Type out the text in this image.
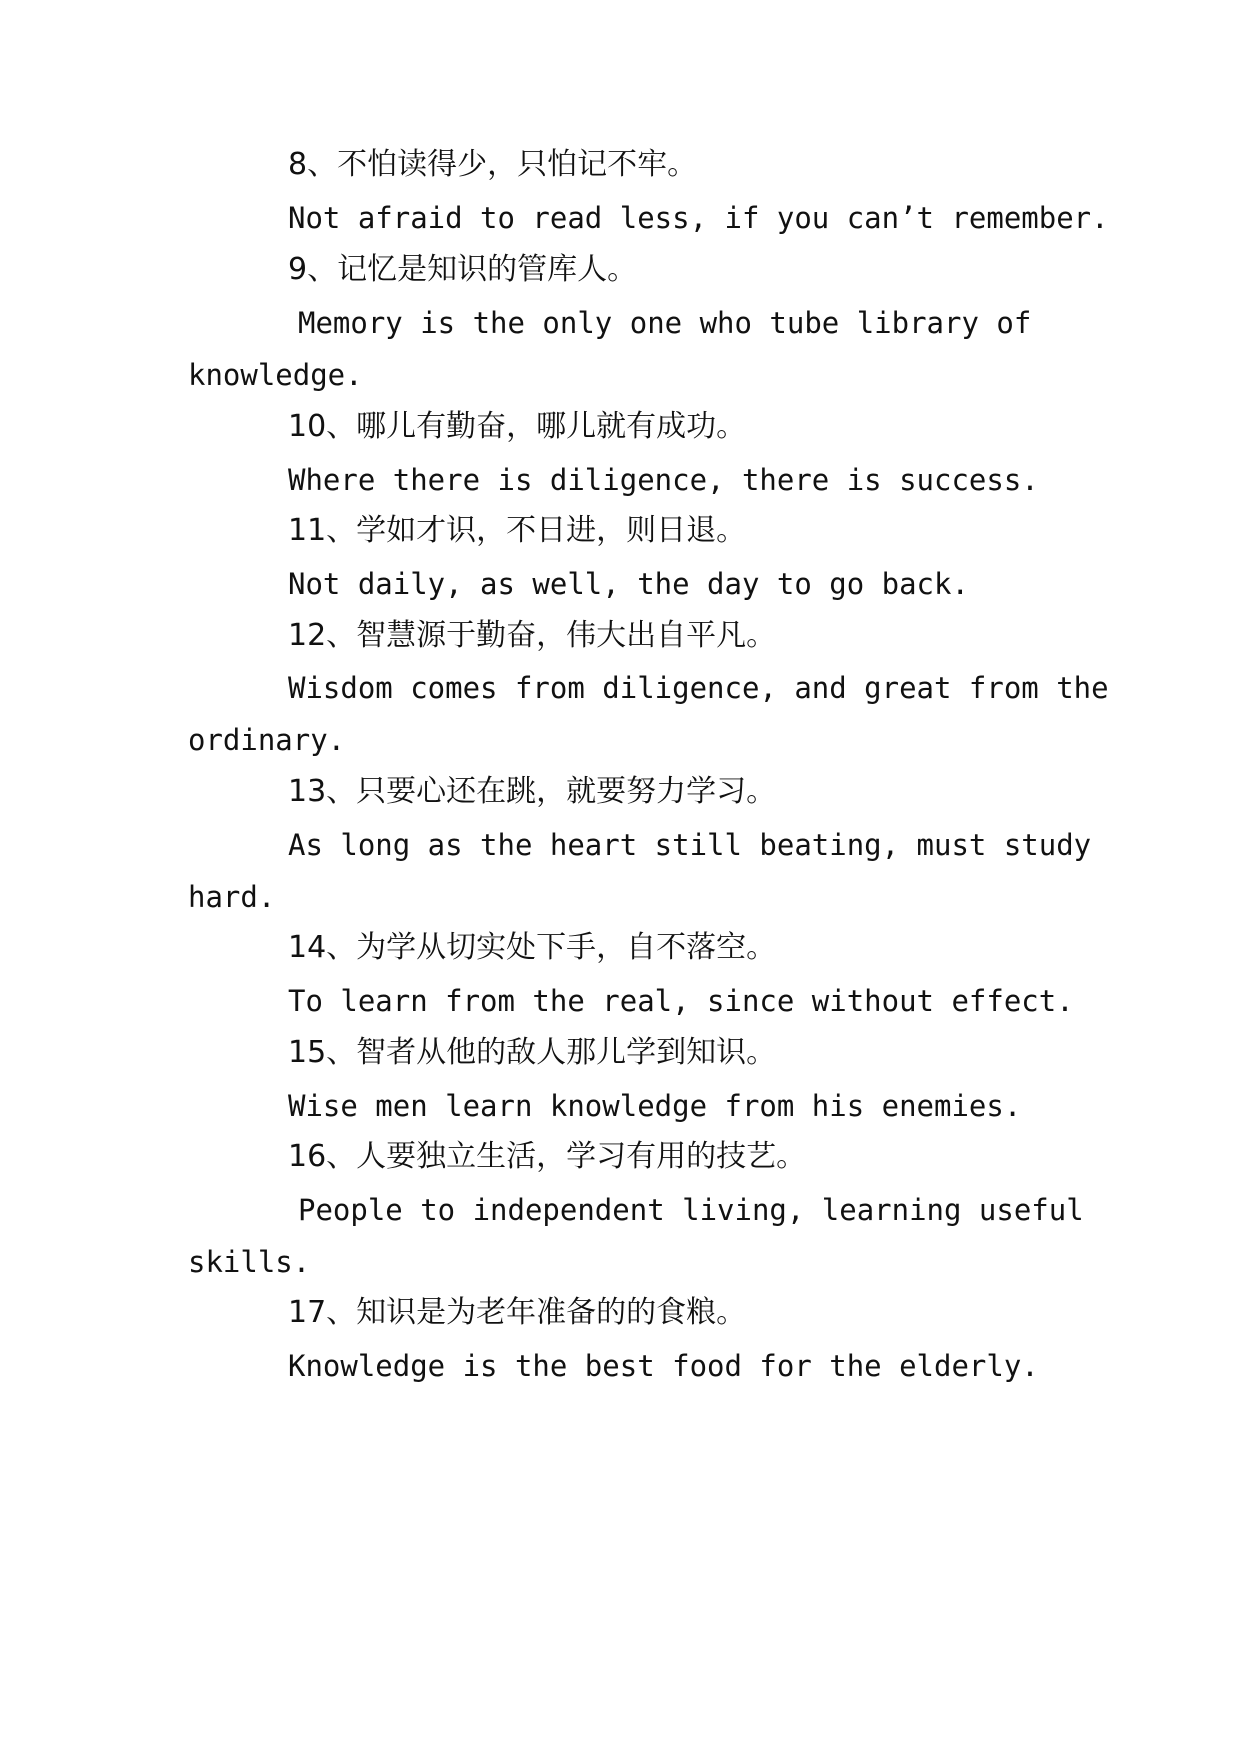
8、不怕读得少，只怕记不牢。
Not afraid to read less, if you can’t remember.
9、记忆是知识的管库人。
Memory is the only one who tube library of
knowledge.
10、哪儿有勤奋，哪儿就有成功。
Where there is diligence, there is success.
11、学如才识，不日进，则日退。
Not daily, as well, the day to go back.
12、智慧源于勤奋，伟大出自平凡。
Wisdom comes from diligence, and great from the
ordinary.
13、只要心还在跳，就要努力学习。
As long as the heart still beating, must study
hard.
14、为学从切实处下手，自不落空。
To learn from the real, since without effect.
15、智者从他的敌人那儿学到知识。
Wise men learn knowledge from his enemies.
16、人要独立生活，学习有用的技艺。
People to independent living, learning useful
skills.
17、知识是为老年准备的的食粮。
Knowledge is the best food for the elderly.
